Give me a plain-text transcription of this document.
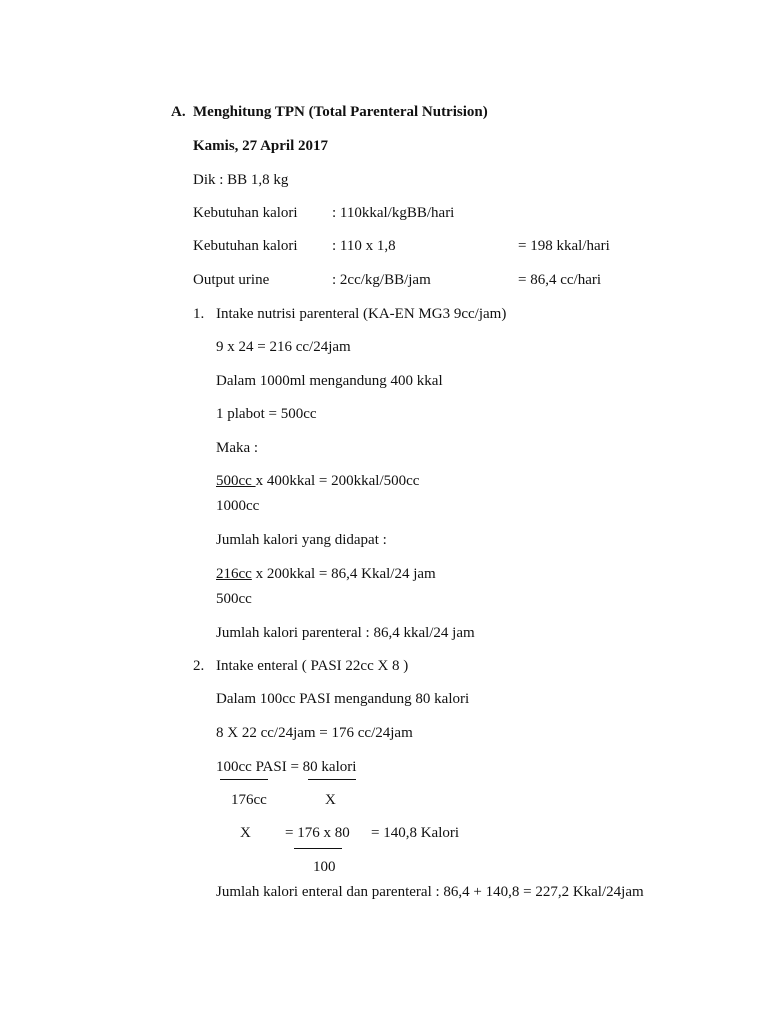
A. Menghitung TPN (Total Parenteral Nutrision)
Kamis, 27 April 2017
Dik : BB 1,8 kg
Kebutuhan kalori : 110kkal/kgBB/hari
Kebutuhan kalori : 110 x 1,8	= 198 kkal/hari
Output urine	: 2cc/kg/BB/jam	= 86,4 cc/hari
1. Intake nutrisi parenteral (KA-EN MG3 9cc/jam)
9 x 24 = 216 cc/24jam
Dalam 1000ml mengandung 400 kkal
1 plabot = 500cc
Maka :
500cc x 400kkal = 200kkal/500cc
1000cc
Jumlah kalori yang didapat :
216cc x 200kkal = 86,4 Kkal/24 jam
500cc
Jumlah kalori parenteral : 86,4 kkal/24 jam
2. Intake enteral ( PASI 22cc X 8 )
Dalam 100cc PASI mengandung 80 kalori
8 X 22 cc/24jam = 176 cc/24jam
100cc PASI = 80 kalori
176cc	X
X = 176 x 80 = 140,8 Kalori
100
Jumlah kalori enteral dan parenteral : 86,4 + 140,8 = 227,2 Kkal/24jam
